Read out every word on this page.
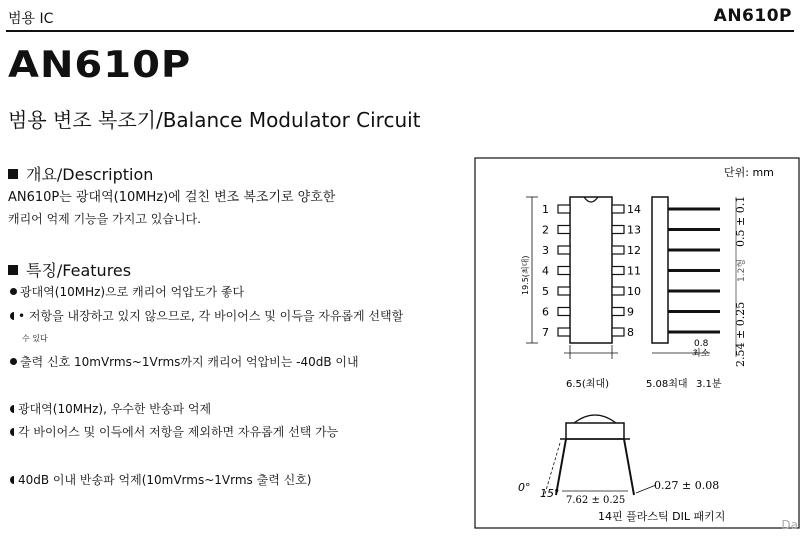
범용 IC	AN610P
AN610P
범용 변조 복조기/Balance Modulator Circuit
개요/Description
AN610P는 광대역(10MHz)에 걸친 변조 복조기로 양호한
캐리어 억제 기능을 가지고 있습니다.
특징/Features
광대역(10MHz)으로 캐리어 억압도가 좋다
• 저항을 내장하고 있지 않으므로, 각 바이어스 및 이득을 자유롭게 선택할
수 있다
출력 신호 10mVrms~1Vrms까지 캐리어 억압비는 -40dB 이내
광대역(10MHz), 우수한 반송파 억제
각 바이어스 및 이득에서 저항을 제외하면 자유롭게 선택 가능
40dB 이내 반송파 억제(10mVrms~1Vrms 출력 신호)
단위: mm
1
2
3
4
5
6
7
14
13
12
11
10
9
8
19.5(최대)
6.5(최대)	5.08최대 3.1분
0.5 ± 0.1
1.2형
2.54 ± 0.25
0.8
최소
0° 15°
7.62 ± 0.25
0.27 ± 0.08
14핀 플라스틱 DIL 패키지
Da
